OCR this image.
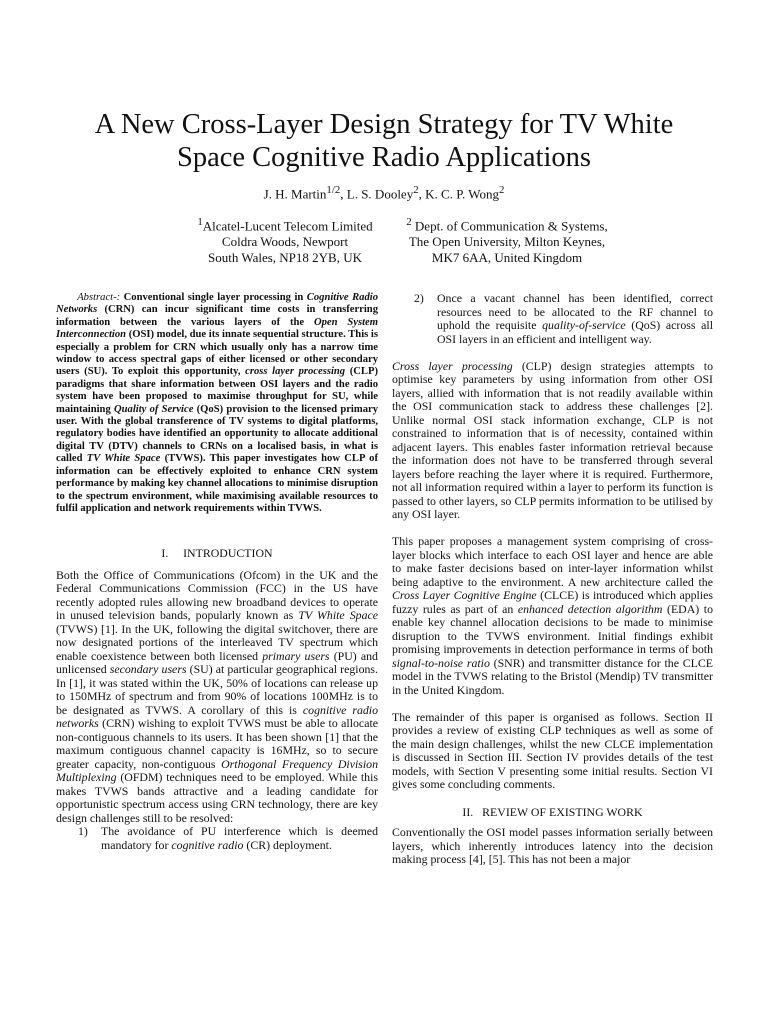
A New Cross-Layer Design Strategy for TV White
Space Cognitive Radio Applications
J. H. Martin$^{1/2}$, L. S. Dooley$^2$, K. C. P. Wong$^2$
$^1$Alcatel-Lucent Telecom Limited
Coldra Woods, Newport
South Wales, NP18 2YB, UK
$^2$ Dept. of Communication & Systems,
The Open University, Milton Keynes,
MK7 6AA, United Kingdom

Abstract-: Conventional single layer processing in Cognitive Radio Networks (CRN) can incur significant time costs in transferring information between the various layers of the Open System Interconnection (OSI) model, due its innate sequential structure. This is especially a problem for CRN which usually only has a narrow time window to access spectral gaps of either licensed or other secondary users (SU). To exploit this opportunity, cross layer processing (CLP) paradigms that share information between OSI layers and the radio system have been proposed to maximise throughput for SU, while maintaining Quality of Service (QoS) provision to the licensed primary user. With the global transference of TV systems to digital platforms, regulatory bodies have identified an opportunity to allocate additional digital TV (DTV) channels to CRNs on a localised basis, in what is called TV White Space (TVWS). This paper investigates how CLP of information can be effectively exploited to enhance CRN system performance by making key channel allocations to minimise disruption to the spectrum environment, while maximising available resources to fulfil application and network requirements within TVWS.

I.     INTRODUCTION

Both the Office of Communications (Ofcom) in the UK and the Federal Communications Commission (FCC) in the US have recently adopted rules allowing new broadband devices to operate in unused television bands, popularly known as TV White Space (TVWS) [1]. In the UK, following the digital switchover, there are now designated portions of the interleaved TV spectrum which enable coexistence between both licensed primary users (PU) and unlicensed secondary users (SU) at particular geographical regions. In [1], it was stated within the UK, 50% of locations can release up to 150MHz of spectrum and from 90% of locations 100MHz is to be designated as TVWS. A corollary of this is cognitive radio networks (CRN) wishing to exploit TVWS must be able to allocate non-contiguous channels to its users. It has been shown [1] that the maximum contiguous channel capacity is 16MHz, so to secure greater capacity, non-contiguous Orthogonal Frequency Division Multiplexing (OFDM) techniques need to be employed. While this makes TVWS bands attractive and a leading candidate for opportunistic spectrum access using CRN technology, there are key design challenges still to be resolved:

1) The avoidance of PU interference which is deemed mandatory for cognitive radio (CR) deployment.
2) Once a vacant channel has been identified, correct resources need to be allocated to the RF channel to uphold the requisite quality-of-service (QoS) across all OSI layers in an efficient and intelligent way.

Cross layer processing (CLP) design strategies attempts to optimise key parameters by using information from other OSI layers, allied with information that is not readily available within the OSI communication stack to address these challenges [2]. Unlike normal OSI stack information exchange, CLP is not constrained to information that is of necessity, contained within adjacent layers. This enables faster information retrieval because the information does not have to be transferred through several layers before reaching the layer where it is required. Furthermore, not all information required within a layer to perform its function is passed to other layers, so CLP permits information to be utilised by any OSI layer.

This paper proposes a management system comprising of cross-layer blocks which interface to each OSI layer and hence are able to make faster decisions based on inter-layer information whilst being adaptive to the environment. A new architecture called the Cross Layer Cognitive Engine (CLCE) is introduced which applies fuzzy rules as part of an enhanced detection algorithm (EDA) to enable key channel allocation decisions to be made to minimise disruption to the TVWS environment. Initial findings exhibit promising improvements in detection performance in terms of both signal-to-noise ratio (SNR) and transmitter distance for the CLCE model in the TVWS relating to the Bristol (Mendip) TV transmitter in the United Kingdom.

The remainder of this paper is organised as follows. Section II provides a review of existing CLP techniques as well as some of the main design challenges, whilst the new CLCE implementation is discussed in Section III. Section IV provides details of the test models, with Section V presenting some initial results. Section VI gives some concluding comments.

II.   REVIEW OF EXISTING WORK

Conventionally the OSI model passes information serially between layers, which inherently introduces latency into the decision making process [4], [5]. This has not been a major
